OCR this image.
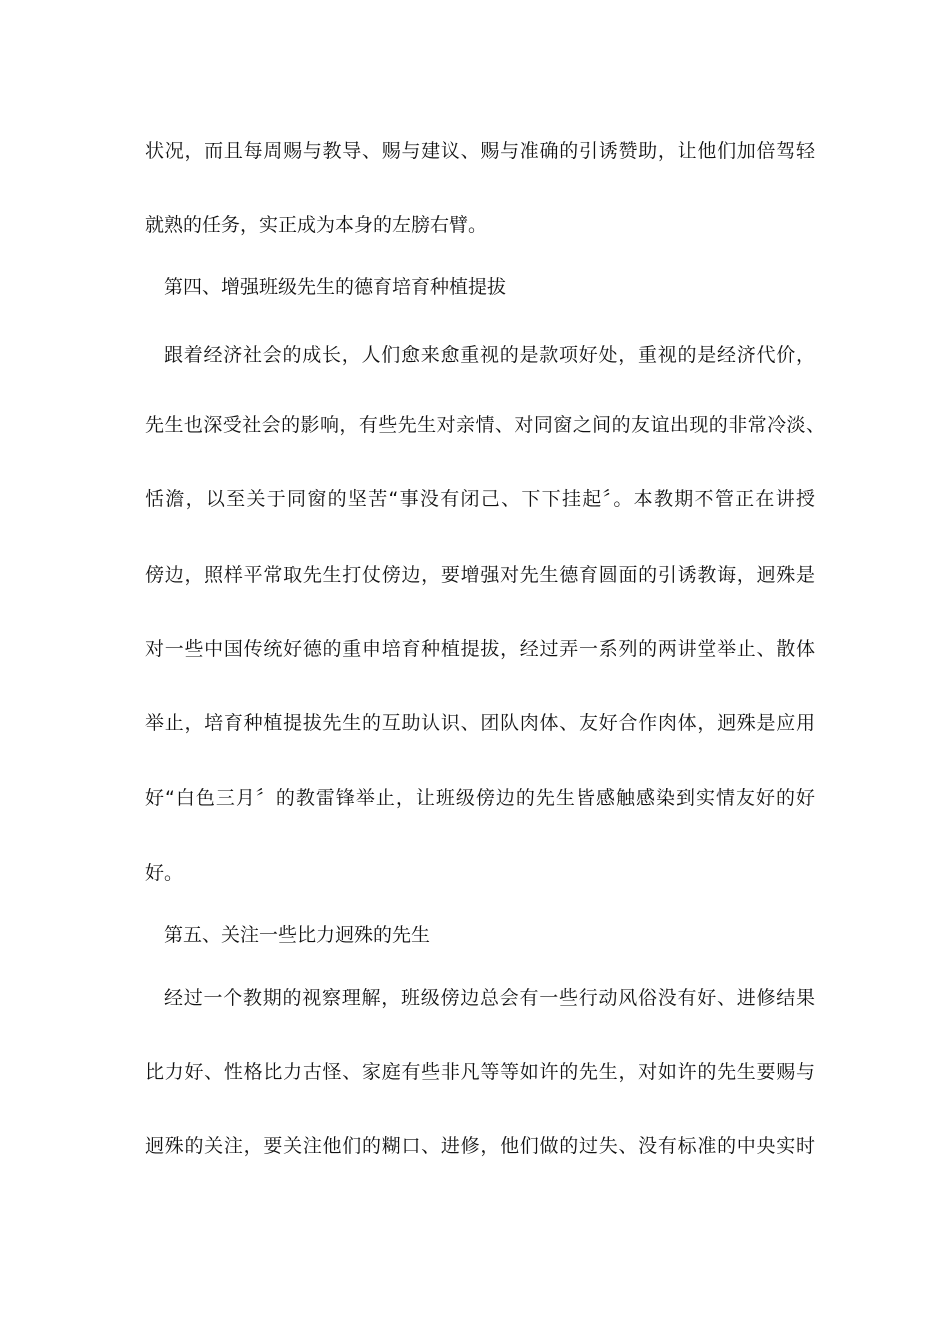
状况，而且每周赐与教导、赐与建议、赐与准确的引诱赞助，让他们加倍驾轻
就熟的任务，实正成为本身的左膀右臂。
第四、增强班级先生的德育培育种植提拔
跟着经济社会的成长，人们愈来愈重视的是款项好处，重视的是经济代价，
先生也深受社会的影响，有些先生对亲情、对同窗之间的友谊出现的非常冷淡、
恬澹，以至关于同窗的坚苦“事没有闭己、下下挂起〞。本教期不管正在讲授
傍边，照样平常取先生打仗傍边，要增强对先生德育圆面的引诱教诲，迥殊是
对一些中国传统好德的重申培育种植提拔，经过弄一系列的两讲堂举止、散体
举止，培育种植提拔先生的互助认识、团队肉体、友好合作肉体，迥殊是应用
好“白色三月〞的教雷锋举止，让班级傍边的先生皆感触感染到实情友好的好
好。
第五、关注一些比力迥殊的先生
经过一个教期的视察理解，班级傍边总会有一些行动风俗没有好、进修结果
比力好、性格比力古怪、家庭有些非凡等等如许的先生，对如许的先生要赐与
迥殊的关注，要关注他们的糊口、进修，他们做的过失、没有标准的中央实时
